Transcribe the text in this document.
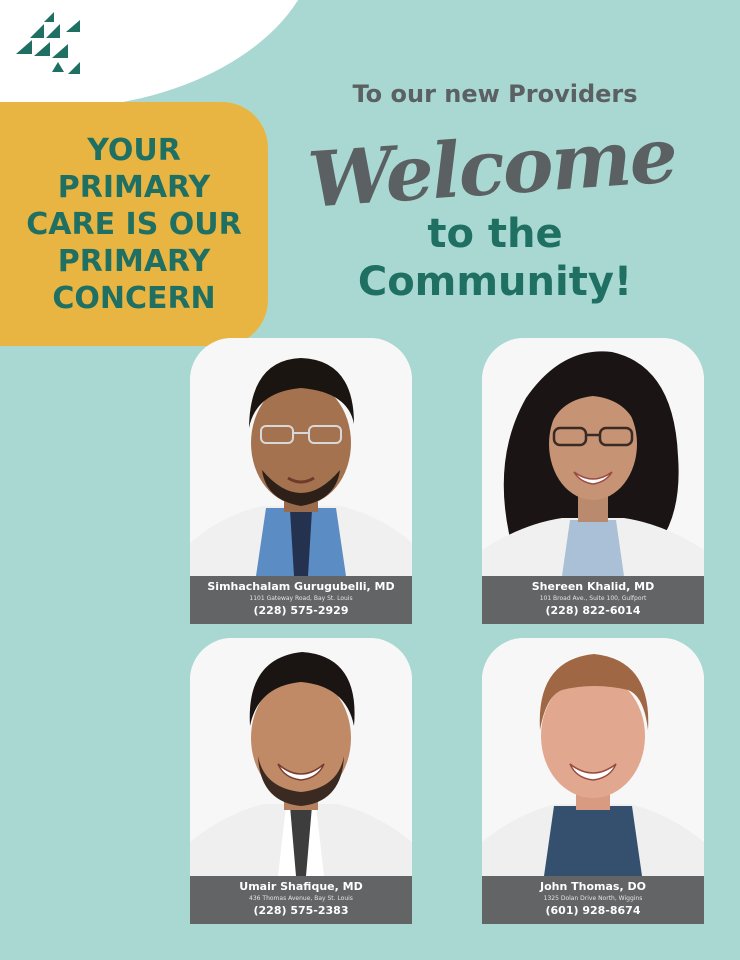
YOUR
PRIMARY
CARE IS OUR
PRIMARY
CONCERN

To our new Providers

Welcome

to the
Community!

Simhachalam Gurugubelli, MD
1101 Gateway Road, Bay St. Louis
(228) 575-2929
Shereen Khalid, MD
101 Broad Ave., Suite 100, Gulfport
(228) 822-6014
Umair Shafique, MD
436 Thomas Avenue, Bay St. Louis
(228) 575-2383
John Thomas, DO
1325 Dolan Drive North, Wiggins
(601) 928-8674
